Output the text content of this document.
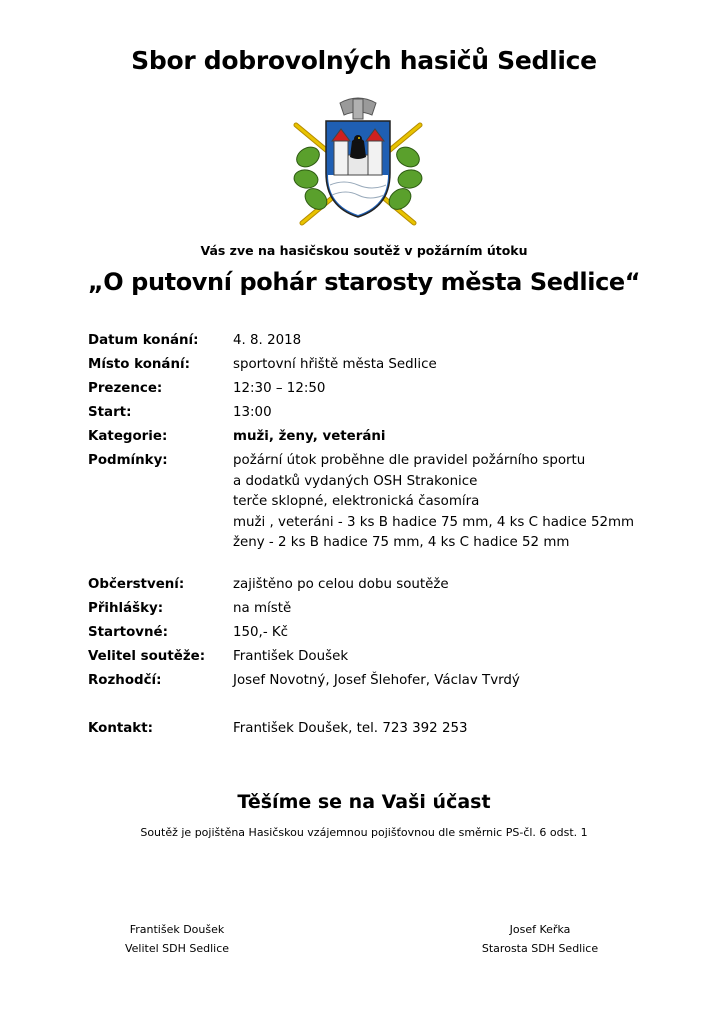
Sbor dobrovolných hasičů Sedlice
Vás zve na hasičskou soutěž v požárním útoku
„O putovní pohár starosty města Sedlice“
Datum konání:	4. 8. 2018
Místo konání:	sportovní hřiště města Sedlice
Prezence:	12:30 – 12:50
Start:	13:00
Kategorie:	muži, ženy, veteráni
Podmínky:	požární útok proběhne dle pravidel požárního sportu
a dodatků vydaných OSH Strakonice
terče sklopné, elektronická časomíra
muži , veteráni - 3 ks B hadice 75 mm, 4 ks C hadice 52mm
ženy - 2 ks B hadice 75 mm, 4 ks C hadice 52 mm
Občerstvení:	zajištěno po celou dobu soutěže
Přihlášky:	na místě
Startovné:	150,- Kč
Velitel soutěže: František Doušek
Rozhodčí:	Josef Novotný, Josef Šlehofer, Václav Tvrdý
Kontakt:	František Doušek, tel. 723 392 253
Těšíme se na Vaši účast
Soutěž je pojištěna Hasičskou vzájemnou pojišťovnou dle směrnic PS-čl. 6 odst. 1
František Doušek
Velitel SDH Sedlice
Josef Keřka
Starosta SDH Sedlice
